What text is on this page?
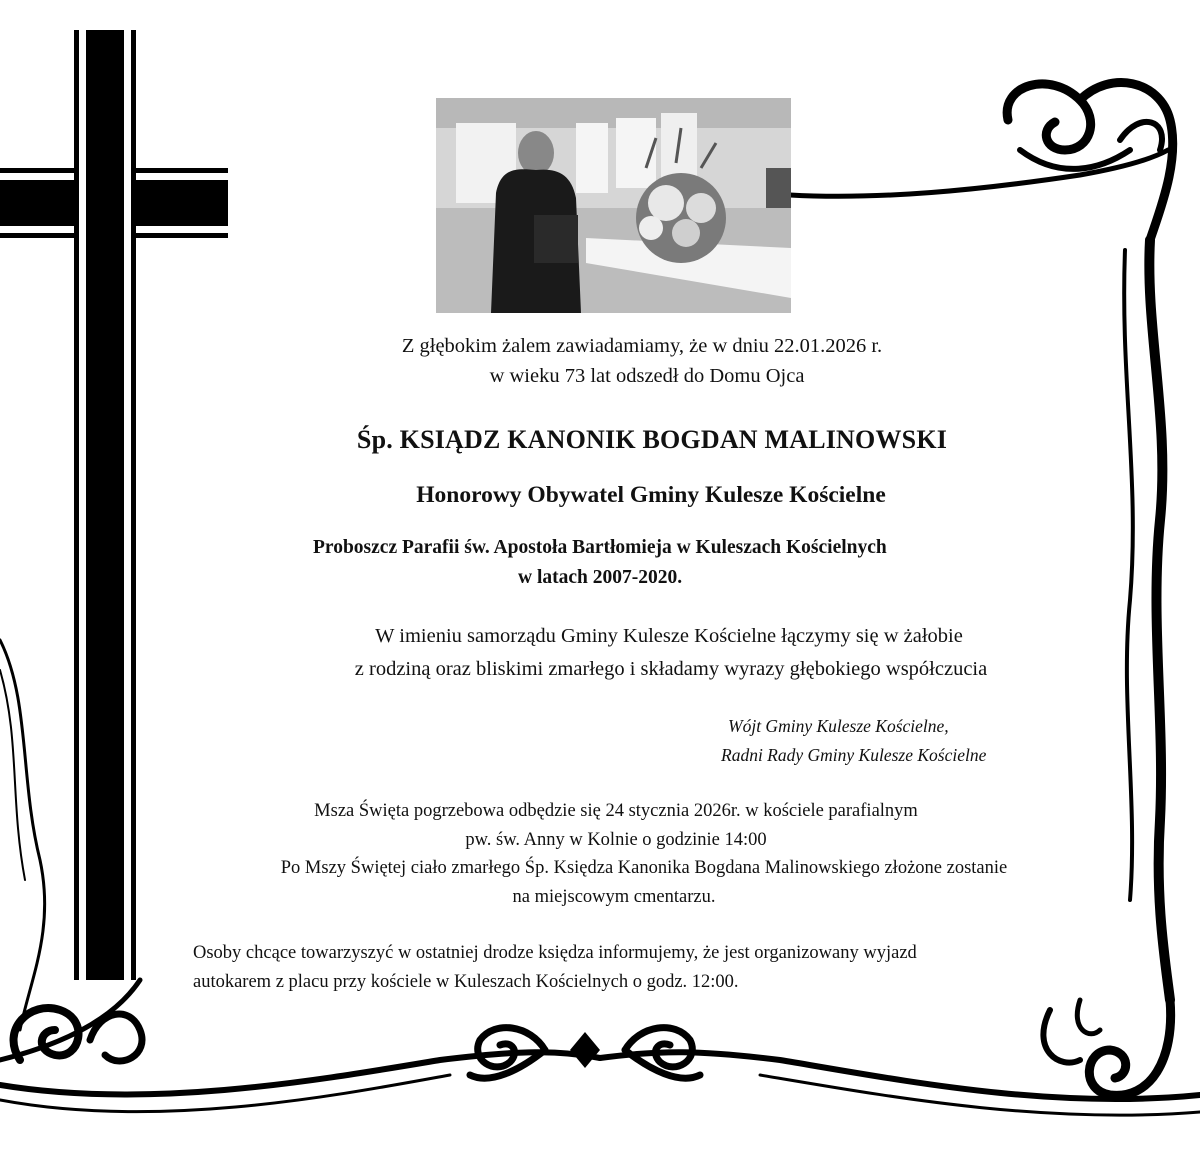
Z głębokim żalem zawiadamiamy, że w dniu 22.01.2026 r.
w wieku 73 lat odszedł do Domu Ojca
Śp. KSIĄDZ KANONIK BOGDAN MALINOWSKI
Honorowy Obywatel Gminy Kulesze Kościelne
Proboszcz Parafii św. Apostoła Bartłomieja w Kuleszach Kościelnych
w latach 2007-2020.
W imieniu samorządu Gminy Kulesze Kościelne łączymy się w żałobie
z rodziną oraz bliskimi zmarłego i składamy wyrazy głębokiego współczucia
Wójt Gminy Kulesze Kościelne,
Radni Rady Gminy Kulesze Kościelne
Msza Święta pogrzebowa odbędzie się 24 stycznia 2026r. w kościele parafialnym
pw. św. Anny w Kolnie o godzinie 14:00
Po Mszy Świętej ciało zmarłego Śp. Księdza Kanonika Bogdana Malinowskiego złożone zostanie
na miejscowym cmentarzu.
Osoby chcące towarzyszyć w ostatniej drodze księdza informujemy, że jest organizowany wyjazd
autokarem z placu przy kościele w Kuleszach Kościelnych o godz. 12:00.
